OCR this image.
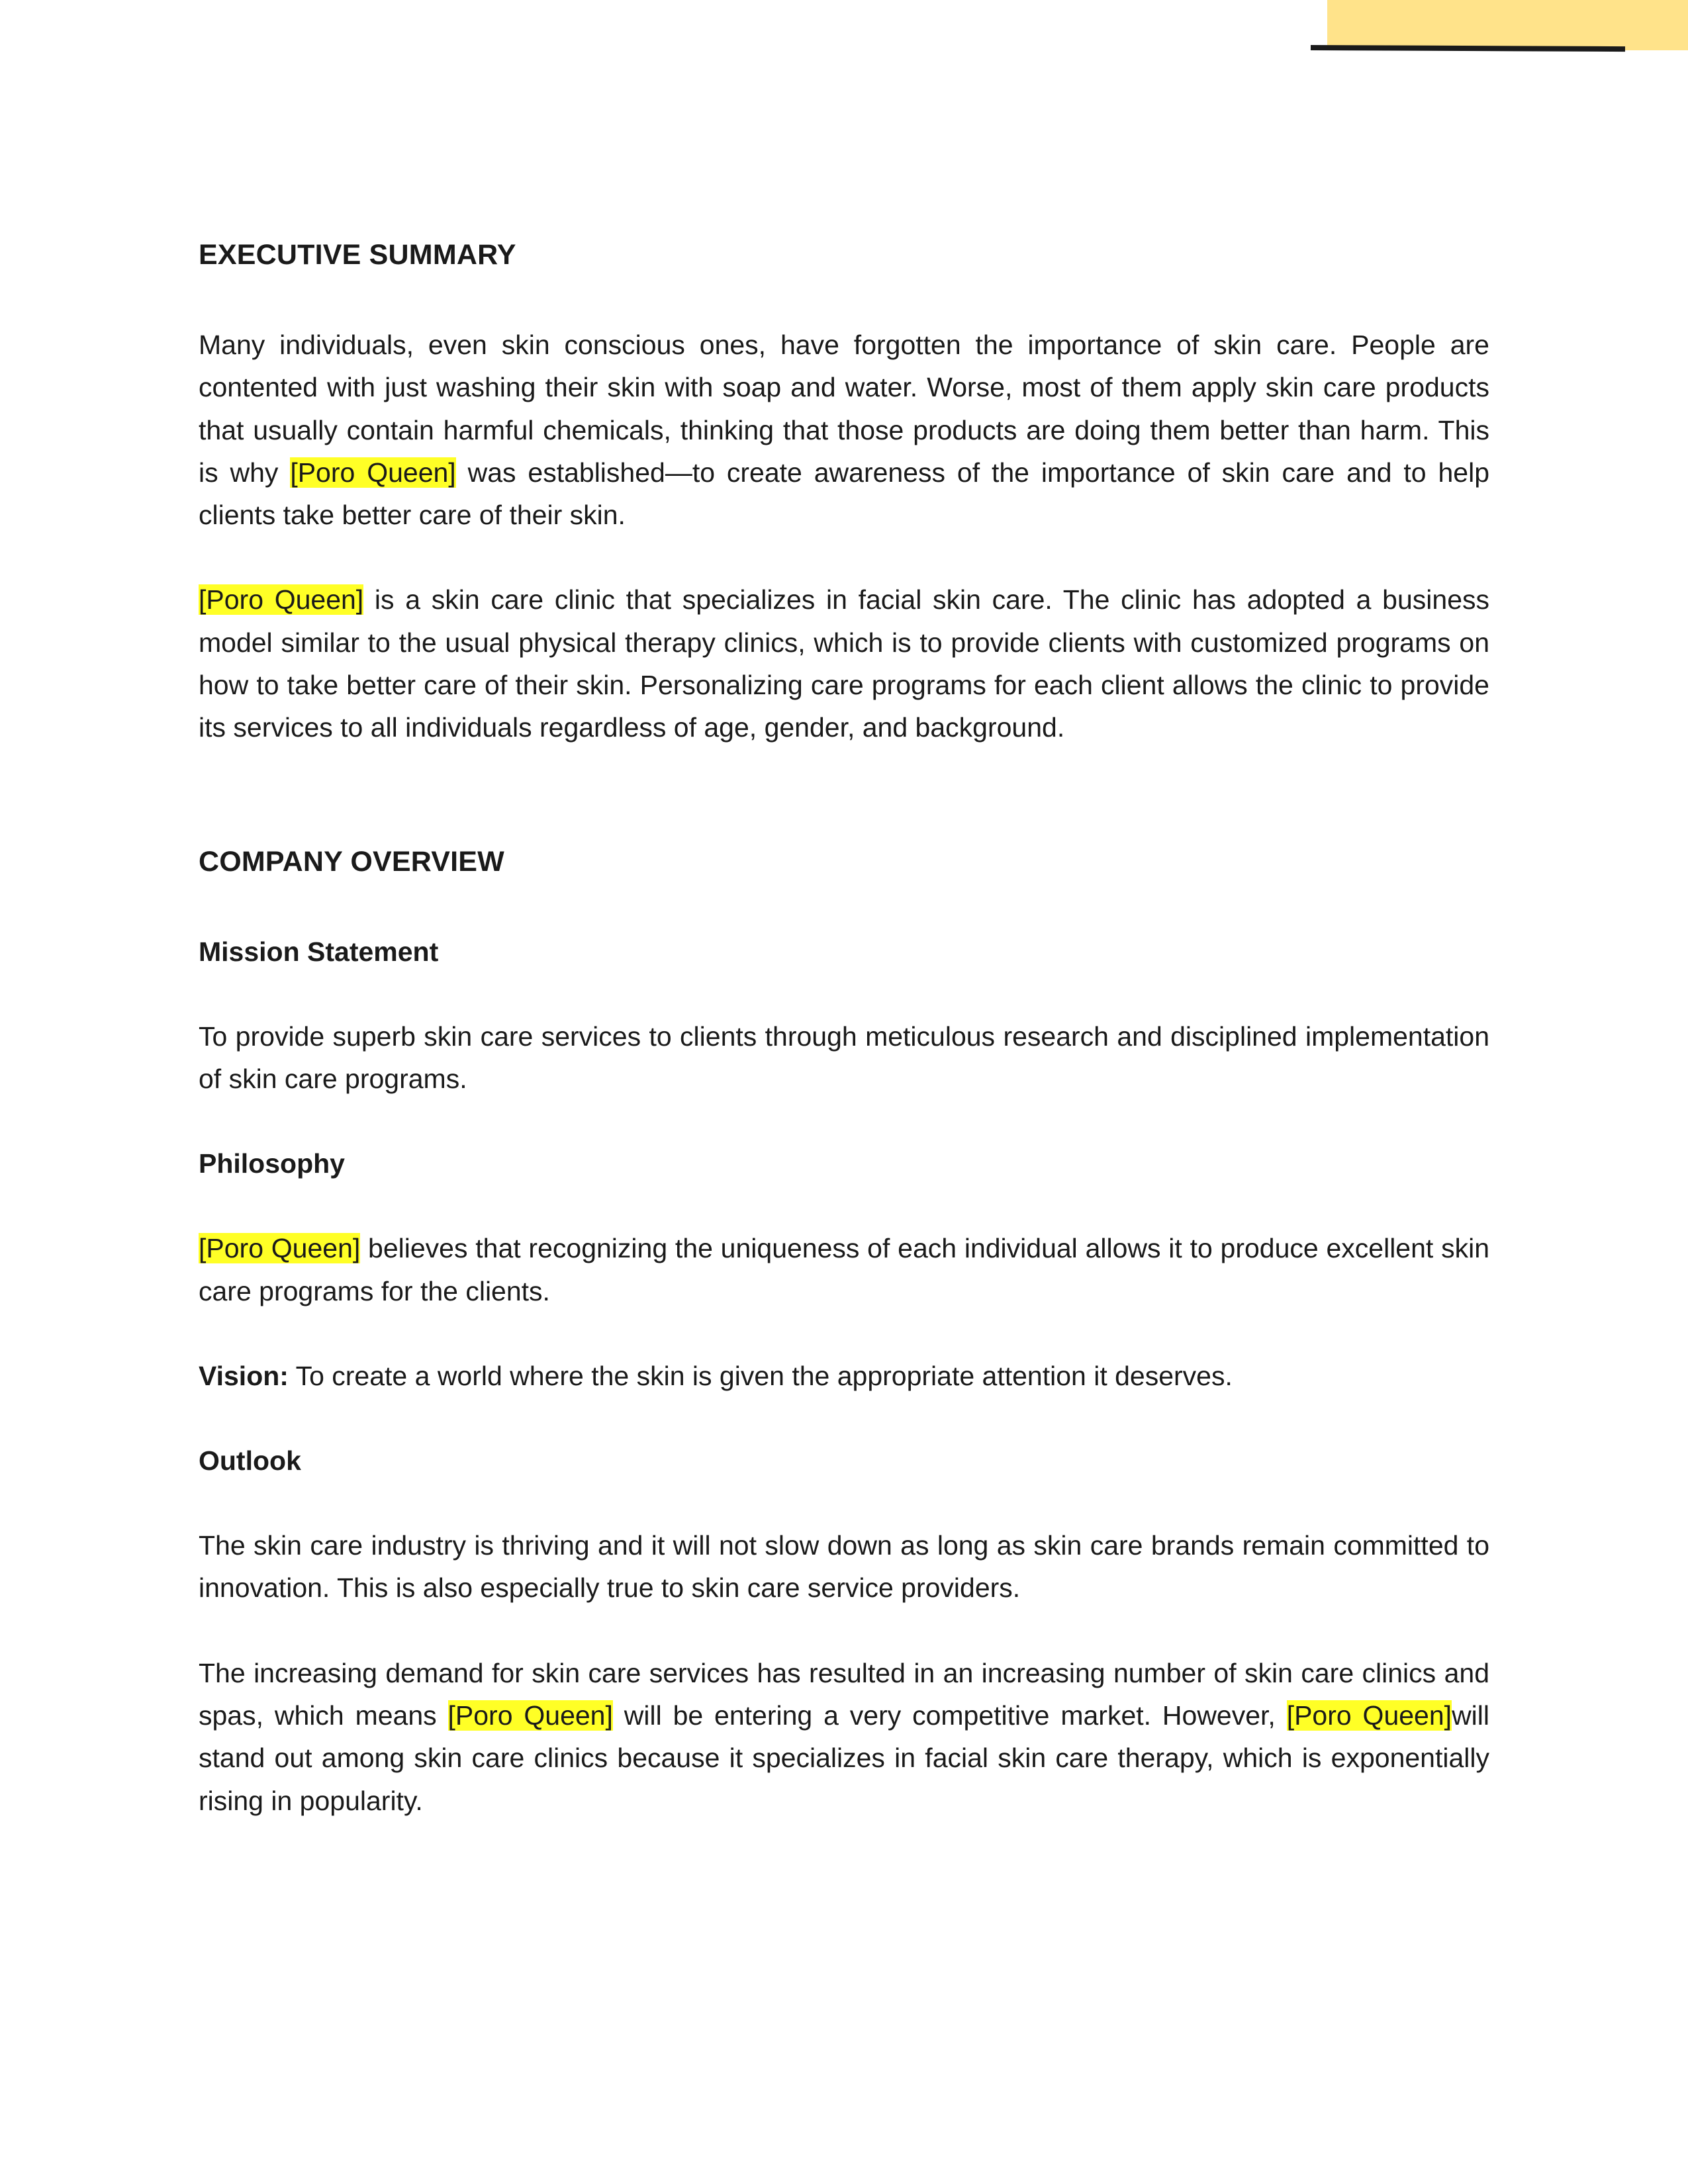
EXECUTIVE SUMMARY

Many individuals, even skin conscious ones, have forgotten the importance of skin care. People are contented with just washing their skin with soap and water. Worse, most of them apply skin care products that usually contain harmful chemicals, thinking that those products are doing them better than harm. This is why [Poro Queen] was established—to create awareness of the importance of skin care and to help clients take better care of their skin.

[Poro Queen] is a skin care clinic that specializes in facial skin care. The clinic has adopted a business model similar to the usual physical therapy clinics, which is to provide clients with customized programs on how to take better care of their skin. Personalizing care programs for each client allows the clinic to provide its services to all individuals regardless of age, gender, and background.

COMPANY OVERVIEW
Mission Statement

To provide superb skin care services to clients through meticulous research and disciplined implementation of skin care programs.

Philosophy

[Poro Queen] believes that recognizing the uniqueness of each individual allows it to produce excellent skin care programs for the clients.

Vision: To create a world where the skin is given the appropriate attention it deserves.

Outlook

The skin care industry is thriving and it will not slow down as long as skin care brands remain committed to innovation. This is also especially true to skin care service providers.

The increasing demand for skin care services has resulted in an increasing number of skin care clinics and spas, which means [Poro Queen] will be entering a very competitive market. However, [Poro Queen]will stand out among skin care clinics because it specializes in facial skin care therapy, which is exponentially rising in popularity.
